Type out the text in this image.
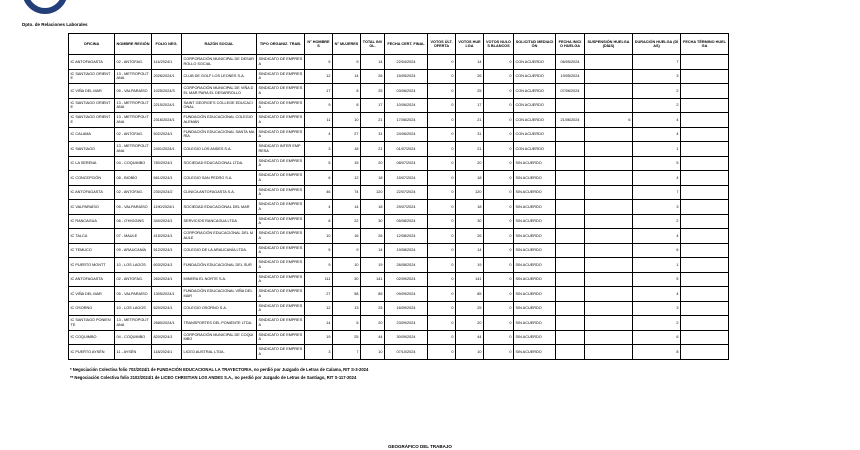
Dpto. de Relaciones Laborales
OFICINA	NOMBRE REGIÓN	FOLIO NEG.	RAZÓN SOCIAL	TIPO ORGANIZ. TRAB.	N° HOMBRES	N° MUJERES	TOTAL INVOL.	FECHA CERT. FINAL	VOTOS ÚLT. OFERTA	VOTOS HUELGA	VOTOS NULOS BLANCOS	SOLICITUD MEDIACIÓN	FECHA INICIO HUELGA	SUSPENSIÓN HUELGA (DÍAS)	DURACIÓN HUELGA (DÍAS)	FECHA TÉRMINO HUELGA
IC ANTOFAGASTA	02 - ANTOFAG.	114/2024/1	CORPORACIÓN MUNICIPAL DE DESARROLLO SOCIAL	SINDICATO DE EMPRESA	5	9	14	22/04/2024	0	14	0	CON ACUERDO	06/05/2024		7	
IC SANTIAGO ORIENTE	13 - METROPOLITANA	2026/2024/1	CLUB DE GOLF LOS LEONES S.A.	SINDICATO DE EMPRESA	12	14	26	15/05/2024	0	26	0	CON ACUERDO	19/05/2024		3	
IC VIÑA DEL MAR	05 - VALPARAÍSO	1025/2024/3	CORPORACIÓN MUNICIPAL DE VIÑA DEL MAR PARA EL DESARROLLO	SINDICATO DE EMPRESA	17	8	25	03/06/2024	0	25	0	CON ACUERDO	07/06/2024		2	
IC SANTIAGO ORIENTE	13 - METROPOLITANA	2215/2024/1	SAINT GEORGE'S COLLEGE EDUCACIONAL	SINDICATO DE EMPRESA	9	8	17	10/06/2024	0	17	0	CON ACUERDO			2	
IC SANTIAGO ORIENTE	13 - METROPOLITANA	2316/2024/1	FUNDACIÓN EDUCACIONAL COLEGIO ALEMÁN	SINDICATO DE EMPRESA	11	10	21	17/06/2024	0	21	0	CON ACUERDO	21/06/2024	6	4	
IC CALAMA	02 - ANTOFAG.	502/2024/1	FUNDACIÓN EDUCACIONAL SANTA MARÍA	SINDICATO DE EMPRESA	4	27	31	24/06/2024	0	31	0	CON ACUERDO			4	
IC SANTIAGO	13 - METROPOLITANA	2401/2024/1	COLEGIO LOS ANDES S.A.	SINDICATO INTER EMPRESA	3	18	21	01/07/2024	0	21	0	CON ACUERDO			1	
IC LA SERENA	04 - COQUIMBO	780/2024/1	SOCIEDAD EDUCACIONAL LTDA.	SINDICATO DE EMPRESA	5	15	20	08/07/2024	0	20	0	SIN ACUERDO			5	
IC CONCEPCIÓN	08 - BIOBÍO	661/2024/1	COLEGIO SAN PEDRO S.A.	SINDICATO DE EMPRESA	6	12	18	15/07/2024	0	18	0	SIN ACUERDO			4	
IC ANTOFAGASTA	02 - ANTOFAG.	230/2024/2	CLÍNICA ANTOFAGASTA S.A.	SINDICATO DE EMPRESA	46	74	120	22/07/2024	0	120	0	SIN ACUERDO			7	
IC VALPARAÍSO	05 - VALPARAÍSO	1190/2024/1	SOCIEDAD EDUCACIONAL DEL MAR	SINDICATO DE EMPRESA	4	14	18	29/07/2024	0	18	0	SIN ACUERDO			3	
IC RANCAGUA	06 - O'HIGGINS	340/2024/1	SERVICIOS RANCAGUA LTDA.	SINDICATO DE EMPRESA	8	22	30	05/08/2024	0	30	0	SIN ACUERDO			2	
IC TALCA	07 - MAULE	415/2024/1	CORPORACIÓN EDUCACIONAL DEL MAULE	SINDICATO DE EMPRESA	10	16	26	12/08/2024	0	26	0	SIN ACUERDO			4	
IC TEMUCO	09 - ARAUCANÍA	512/2024/1	COLEGIO DE LA ARAUCANÍA LTDA.	SINDICATO DE EMPRESA	5	9	14	19/08/2024	0	14	0	SIN ACUERDO			6	
IC PUERTO MONTT	10 - LOS LAGOS	603/2024/1	FUNDACIÓN EDUCACIONAL DEL SUR	SINDICATO DE EMPRESA	9	10	19	26/08/2024	0	19	0	SIN ACUERDO			1	
IC ANTOFAGASTA	02 - ANTOFAG.	260/2024/1	MINERA EL NORTE S.A.	SINDICATO DE EMPRESA	111	30	141	02/09/2024	0	141	0	SIN ACUERDO			5	
IC VIÑA DEL MAR	05 - VALPARAÍSO	1305/2024/1	FUNDACIÓN EDUCACIONAL VIÑA DEL MAR	SINDICATO DE EMPRESA	27	58	85	09/09/2024	0	85	0	SIN ACUERDO			4	
IC OSORNO	10 - LOS LAGOS	620/2024/1	COLEGIO OSORNO S.A.	SINDICATO DE EMPRESA	12	13	25	16/09/2024	0	25	0	SIN ACUERDO			3	
IC SANTIAGO PONIENTE	13 - METROPOLITANA	2680/2024/1	TRANSPORTES DEL PONIENTE LTDA.	SINDICATO DE EMPRESA	14	6	20	23/09/2024	0	20	0	SIN ACUERDO			2	
IC COQUIMBO	04 - COQUIMBO	820/2024/1	CORPORACIÓN MUNICIPAL DE COQUIMBO	SINDICATO DE EMPRESA	19	25	44	30/09/2024	0	44	0	SIN ACUERDO			6	
IC PUERTO AYSÉN	11 - AYSÉN	118/2024/1	LICEO AUSTRAL LTDA.	SINDICATO DE EMPRESA	3	7	10	07/10/2024	0	10	0	SIN ACUERDO			8	
* Negociación Colectiva folio 702/2024/1 de FUNDACIÓN EDUCACIONAL LA TRAYECTORIA, no perdió por Juzgado de Letras de Calama, RIT S-3-2024
** Negociación Colectiva folio 2102/2024/1 de LICEO CHRISTIAN LOS ANDES S.A., no perdió por Juzgado de Letras de Santiago, RIT S-117-2024
GEOGRÁFICO DEL TRABAJO
